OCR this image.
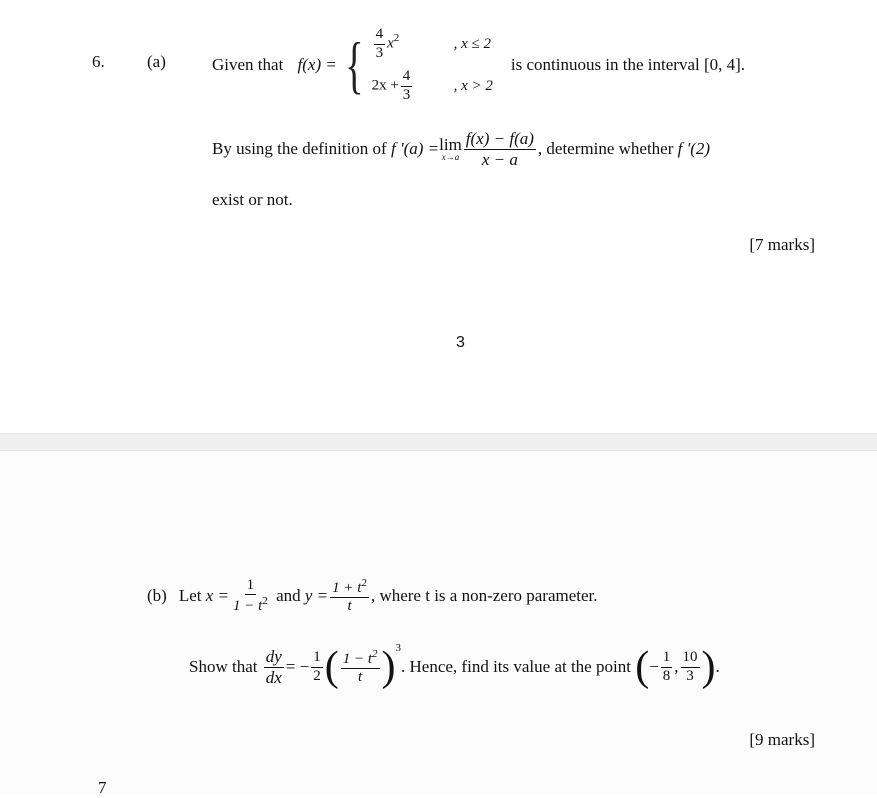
6. (a)	Given that
f(x) = { $\frac{4}{3} x^2$	, x ≤ 2
$2x + \frac{4}{3}$	, x > 2
is continuous in the interval [0, 4].
By using the definition of
f '(a) = lim
$x\to a \frac{f(x) - f(a)}{x - a}$ , determine whether
f '(2)
exist or not.
[7 marks]
3
(b) Let
$x = \frac{1}{1 - t^2}$
and
$y = \frac{1 + t^2}{t}$ , where t is a non-zero parameter.
Show that
$\frac{dy}{dx}$ = − $\frac{1}{2}$ ( $\frac{1 - t^2}{t} )^3$
. Hence, find its value at the point
( − $\frac{1}{8}$ , $\frac{10}{3}$ ) .
[9 marks]
7
